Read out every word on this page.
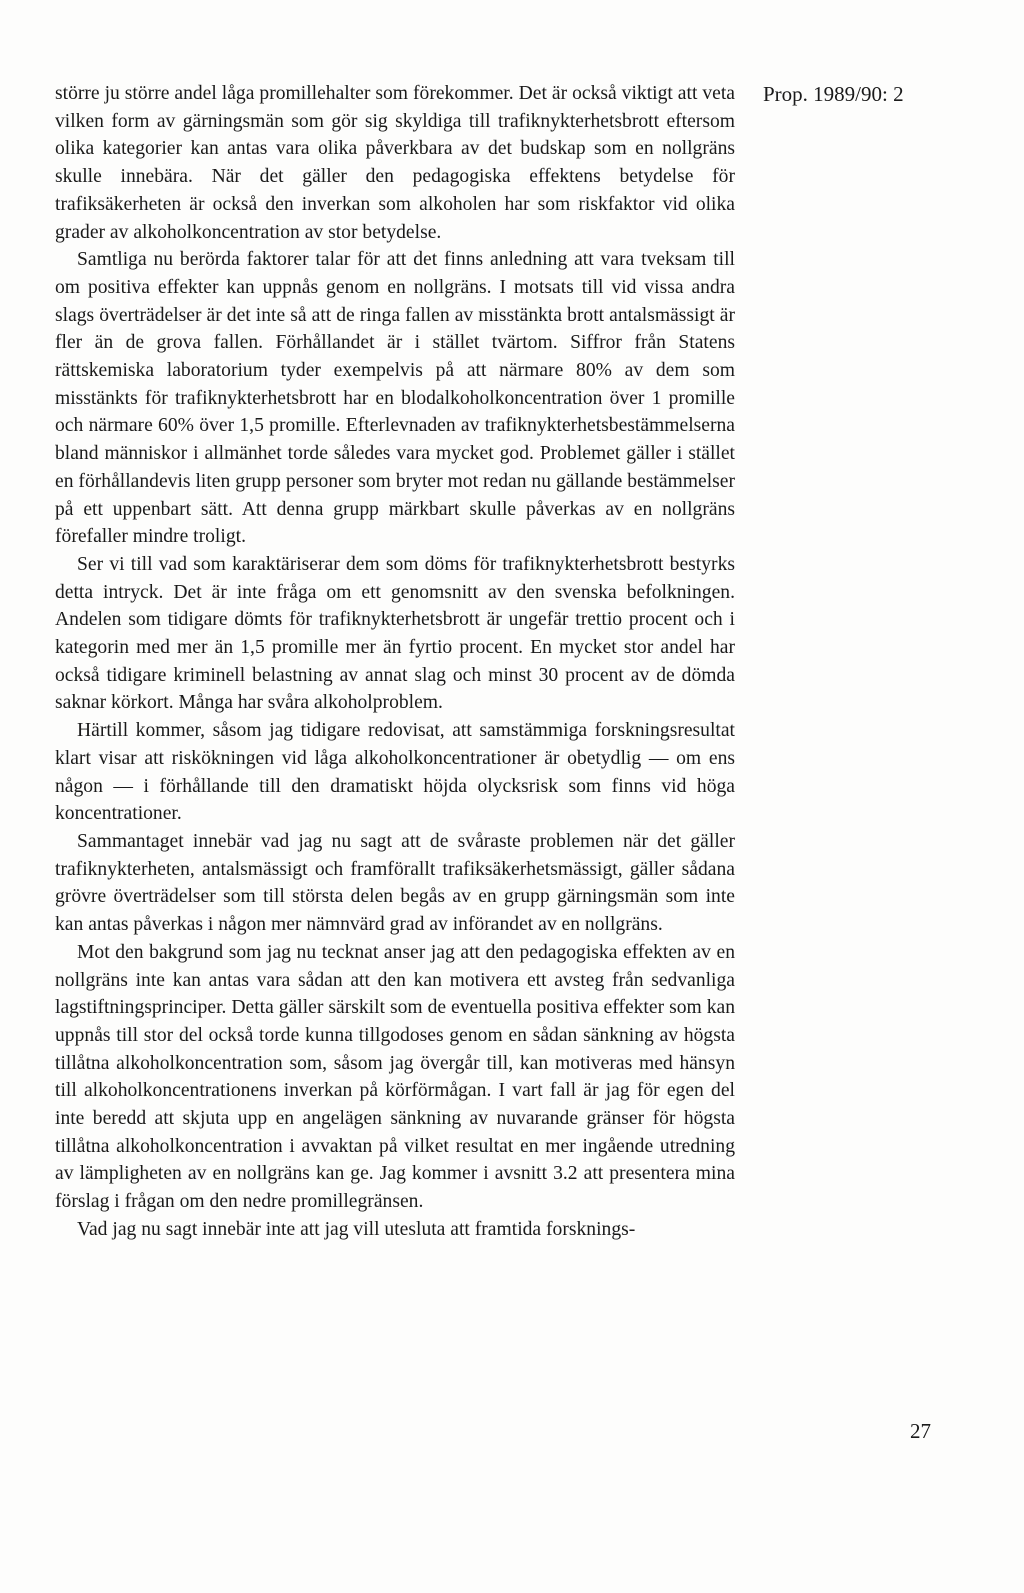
Prop. 1989/90: 2

större ju större andel låga promillehalter som förekommer. Det är också viktigt att veta vilken form av gärningsmän som gör sig skyldiga till trafiknykterhetsbrott eftersom olika kategorier kan antas vara olika påverkbara av det budskap som en nollgräns skulle innebära. När det gäller den pedagogiska effektens betydelse för trafiksäkerheten är också den inverkan som alkoholen har som riskfaktor vid olika grader av alkoholkoncentration av stor betydelse.

Samtliga nu berörda faktorer talar för att det finns anledning att vara tveksam till om positiva effekter kan uppnås genom en nollgräns. I motsats till vid vissa andra slags överträdelser är det inte så att de ringa fallen av misstänkta brott antalsmässigt är fler än de grova fallen. Förhållandet är i stället tvärtom. Siffror från Statens rättskemiska laboratorium tyder exempelvis på att närmare 80% av dem som misstänkts för trafiknykterhetsbrott har en blodalkoholkoncentration över 1 promille och närmare 60% över 1,5 promille. Efterlevnaden av trafiknykterhetsbestämmelserna bland människor i allmänhet torde således vara mycket god. Problemet gäller i stället en förhållandevis liten grupp personer som bryter mot redan nu gällande bestämmelser på ett uppenbart sätt. Att denna grupp märkbart skulle påverkas av en nollgräns förefaller mindre troligt.

Ser vi till vad som karaktäriserar dem som döms för trafiknykterhetsbrott bestyrks detta intryck. Det är inte fråga om ett genomsnitt av den svenska befolkningen. Andelen som tidigare dömts för trafiknykterhetsbrott är ungefär trettio procent och i kategorin med mer än 1,5 promille mer än fyrtio procent. En mycket stor andel har också tidigare kriminell belastning av annat slag och minst 30 procent av de dömda saknar körkort. Många har svåra alkoholproblem.

Härtill kommer, såsom jag tidigare redovisat, att samstämmiga forskningsresultat klart visar att riskökningen vid låga alkoholkoncentrationer är obetydlig — om ens någon — i förhållande till den dramatiskt höjda olycksrisk som finns vid höga koncentrationer.

Sammantaget innebär vad jag nu sagt att de svåraste problemen när det gäller trafiknykterheten, antalsmässigt och framförallt trafiksäkerhetsmässigt, gäller sådana grövre överträdelser som till största delen begås av en grupp gärningsmän som inte kan antas påverkas i någon mer nämnvärd grad av införandet av en nollgräns.

Mot den bakgrund som jag nu tecknat anser jag att den pedagogiska effekten av en nollgräns inte kan antas vara sådan att den kan motivera ett avsteg från sedvanliga lagstiftningsprinciper. Detta gäller särskilt som de eventuella positiva effekter som kan uppnås till stor del också torde kunna tillgodoses genom en sådan sänkning av högsta tillåtna alkoholkoncentration som, såsom jag övergår till, kan motiveras med hänsyn till alkoholkoncentrationens inverkan på körförmågan. I vart fall är jag för egen del inte beredd att skjuta upp en angelägen sänkning av nuvarande gränser för högsta tillåtna alkoholkoncentration i avvaktan på vilket resultat en mer ingående utredning av lämpligheten av en nollgräns kan ge. Jag kommer i avsnitt 3.2 att presentera mina förslag i frågan om den nedre promillegränsen.

Vad jag nu sagt innebär inte att jag vill utesluta att framtida forsknings-

27
